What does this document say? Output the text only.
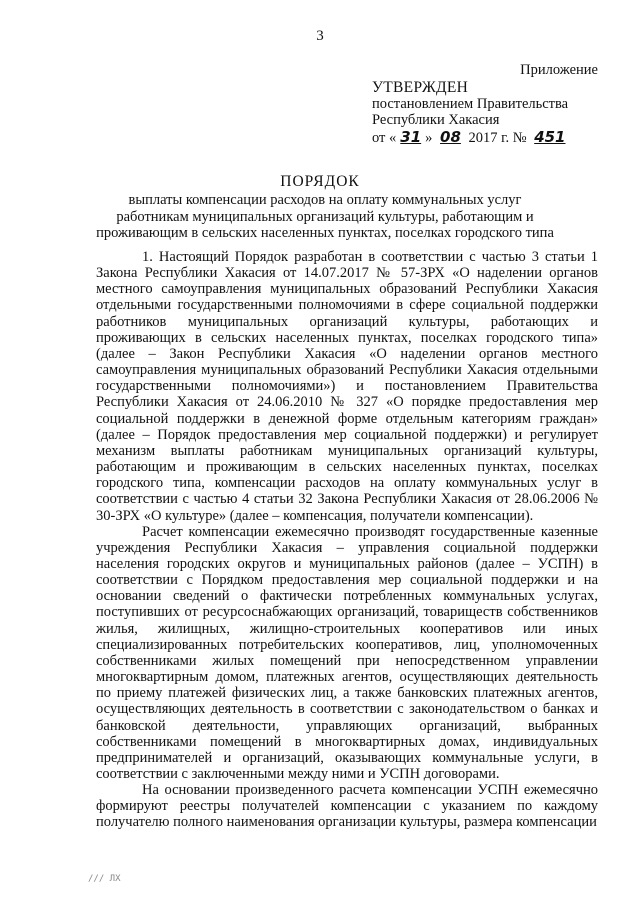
3
Приложение
УТВЕРЖДЕН
постановлением Правительства
Республики Хакасия
от « 31 » 08 2017 г. № 451
ПОРЯДОК
выплаты компенсации расходов на оплату коммунальных услуг работникам муниципальных организаций культуры, работающим и проживающим в сельских населенных пунктах, поселках городского типа

1. Настоящий Порядок разработан в соответствии с частью 3 статьи 1 Закона Республики Хакасия от 14.07.2017 № 57-ЗРХ «О наделении органов местного самоуправления муниципальных образований Республики Хакасия отдельными государственными полномочиями в сфере социальной поддержки работников муниципальных организаций культуры, работающих и проживающих в сельских населенных пунктах, поселках городского типа» (далее – Закон Республики Хакасия «О наделении органов местного самоуправления муниципальных образований Республики Хакасия отдельными государственными полномочиями») и постановлением Правительства Республики Хакасия от 24.06.2010 № 327 «О порядке предоставления мер социальной поддержки в денежной форме отдельным категориям граждан» (далее – Порядок предоставления мер социальной поддержки) и регулирует механизм выплаты работникам муниципальных организаций культуры, работающим и проживающим в сельских населенных пунктах, поселках городского типа, компенсации расходов на оплату коммунальных услуг в соответствии с частью 4 статьи 32 Закона Республики Хакасия от 28.06.2006 № 30-ЗРХ «О культуре» (далее – компенсация, получатели компенсации).

Расчет компенсации ежемесячно производят государственные казенные учреждения Республики Хакасия – управления социальной поддержки населения городских округов и муниципальных районов (далее – УСПН) в соответствии с Порядком предоставления мер социальной поддержки и на основании сведений о фактически потребленных коммунальных услугах, поступивших от ресурсоснабжающих организаций, товариществ собственников жилья, жилищных, жилищно-строительных кооперативов или иных специализированных потребительских кооперативов, лиц, уполномоченных собственниками жилых помещений при непосредственном управлении многоквартирным домом, платежных агентов, осуществляющих деятельность по приему платежей физических лиц, а также банковских платежных агентов, осуществляющих деятельность в соответствии с законодательством о банках и банковской деятельности, управляющих организаций, выбранных собственниками помещений в многоквартирных домах, индивидуальных предпринимателей и организаций, оказывающих коммунальные услуги, в соответствии с заключенными между ними и УСПН договорами.

На основании произведенного расчета компенсации УСПН ежемесячно формируют реестры получателей компенсации с указанием по каждому получателю полного наименования организации культуры, размера компенсации

/// ЛХ
